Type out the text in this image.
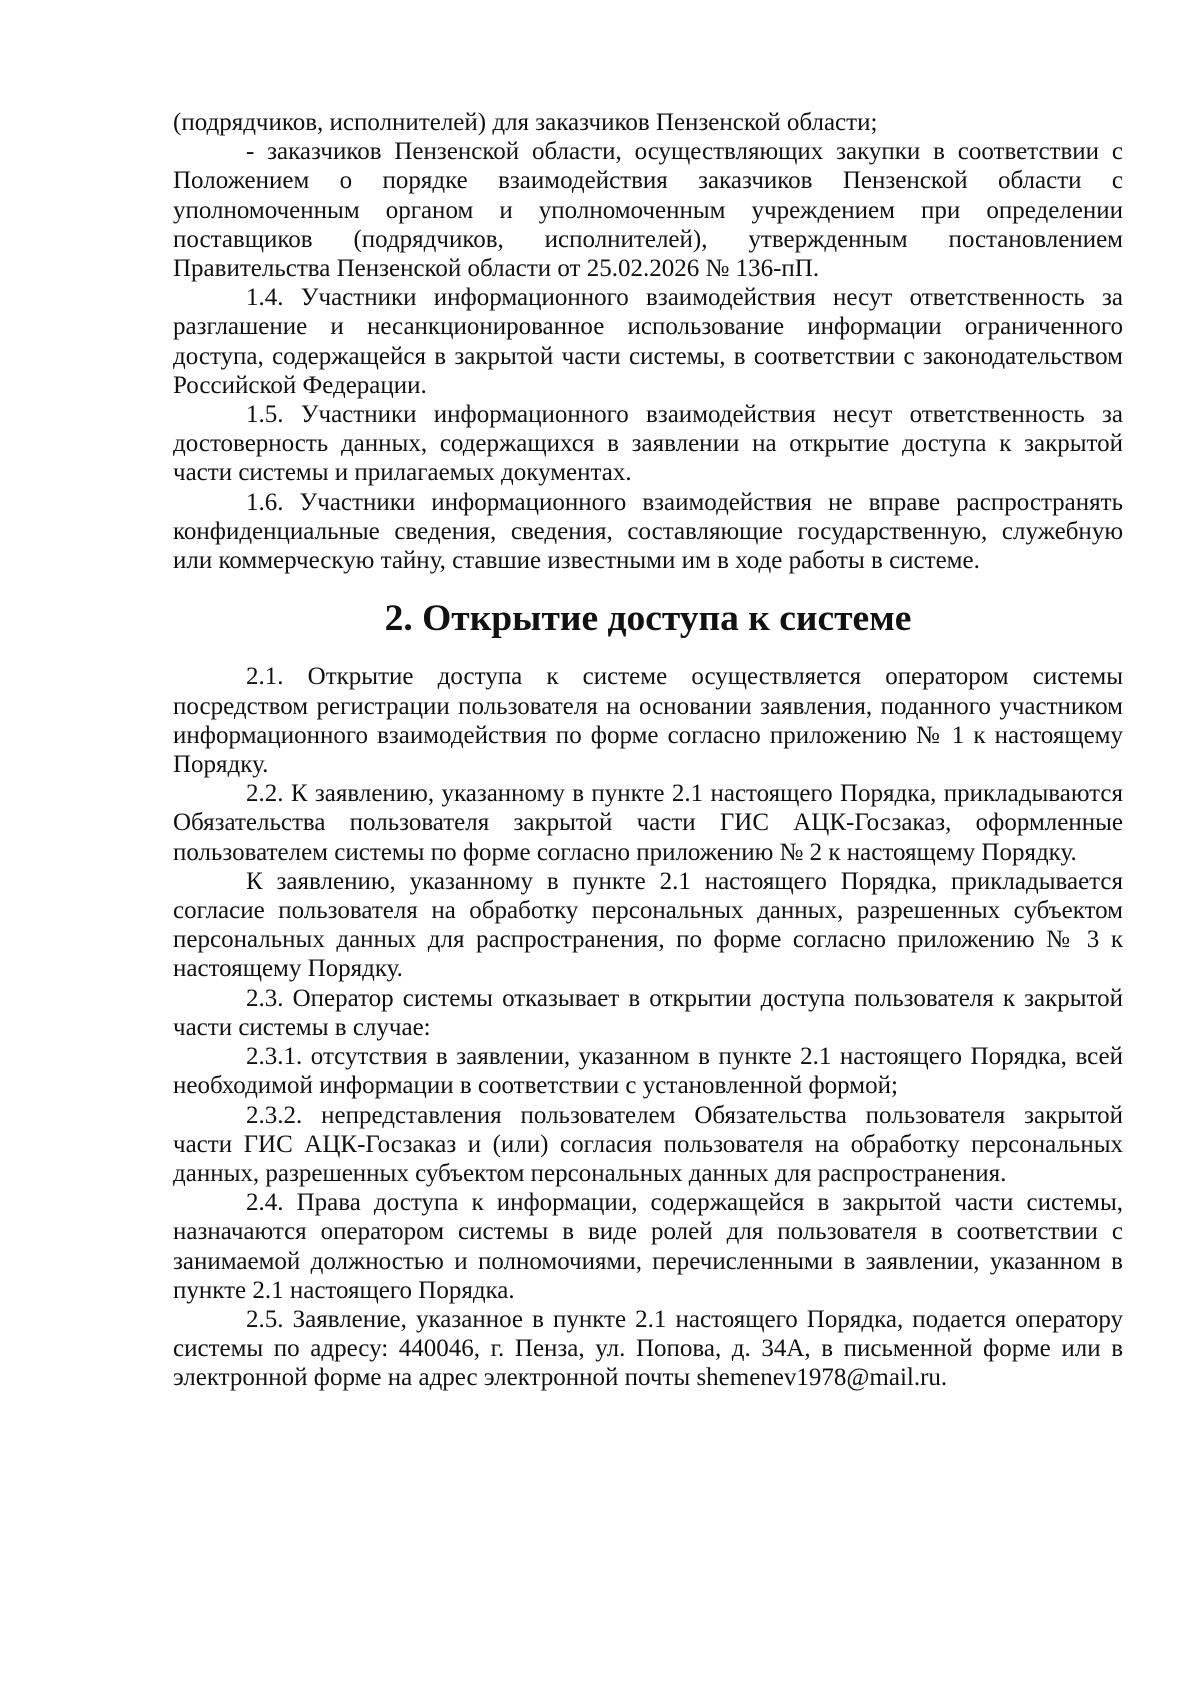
(подрядчиков, исполнителей) для заказчиков Пензенской области;

- заказчиков Пензенской области, осуществляющих закупки в соответствии с Положением о порядке взаимодействия заказчиков Пензенской области с уполномоченным органом и уполномоченным учреждением при определении поставщиков (подрядчиков, исполнителей), утвержденным постановлением Правительства Пензенской области от 25.02.2026 № 136-пП.

1.4. Участники информационного взаимодействия несут ответственность за разглашение и несанкционированное использование информации ограниченного доступа, содержащейся в закрытой части системы, в соответствии с законодательством Российской Федерации.

1.5. Участники информационного взаимодействия несут ответственность за достоверность данных, содержащихся в заявлении на открытие доступа к закрытой части системы и прилагаемых документах.

1.6. Участники информационного взаимодействия не вправе распространять конфиденциальные сведения, сведения, составляющие государственную, служебную или коммерческую тайну, ставшие известными им в ходе работы в системе.

2. Открытие доступа к системе

2.1. Открытие доступа к системе осуществляется оператором системы посредством регистрации пользователя на основании заявления, поданного участником информационного взаимодействия по форме согласно приложению № 1 к настоящему Порядку.

2.2. К заявлению, указанному в пункте 2.1 настоящего Порядка, прикладываются Обязательства пользователя закрытой части ГИС АЦК-Госзаказ, оформленные пользователем системы по форме согласно приложению № 2 к настоящему Порядку.

К заявлению, указанному в пункте 2.1 настоящего Порядка, прикладывается согласие пользователя на обработку персональных данных, разрешенных субъектом персональных данных для распространения, по форме согласно приложению № 3 к настоящему Порядку.

2.3. Оператор системы отказывает в открытии доступа пользователя к закрытой части системы в случае:

2.3.1. отсутствия в заявлении, указанном в пункте 2.1 настоящего Порядка, всей необходимой информации в соответствии с установленной формой;

2.3.2. непредставления пользователем Обязательства пользователя закрытой части ГИС АЦК-Госзаказ и (или) согласия пользователя на обработку персональных данных, разрешенных субъектом персональных данных для распространения.

2.4. Права доступа к информации, содержащейся в закрытой части системы, назначаются оператором системы в виде ролей для пользователя в соответствии с занимаемой должностью и полномочиями, перечисленными в заявлении, указанном в пункте 2.1 настоящего Порядка.

2.5. Заявление, указанное в пункте 2.1 настоящего Порядка, подается оператору системы по адресу: 440046, г. Пенза, ул. Попова, д. 34А, в письменной форме или в электронной форме на адрес электронной почты shemenev1978@mail.ru.
